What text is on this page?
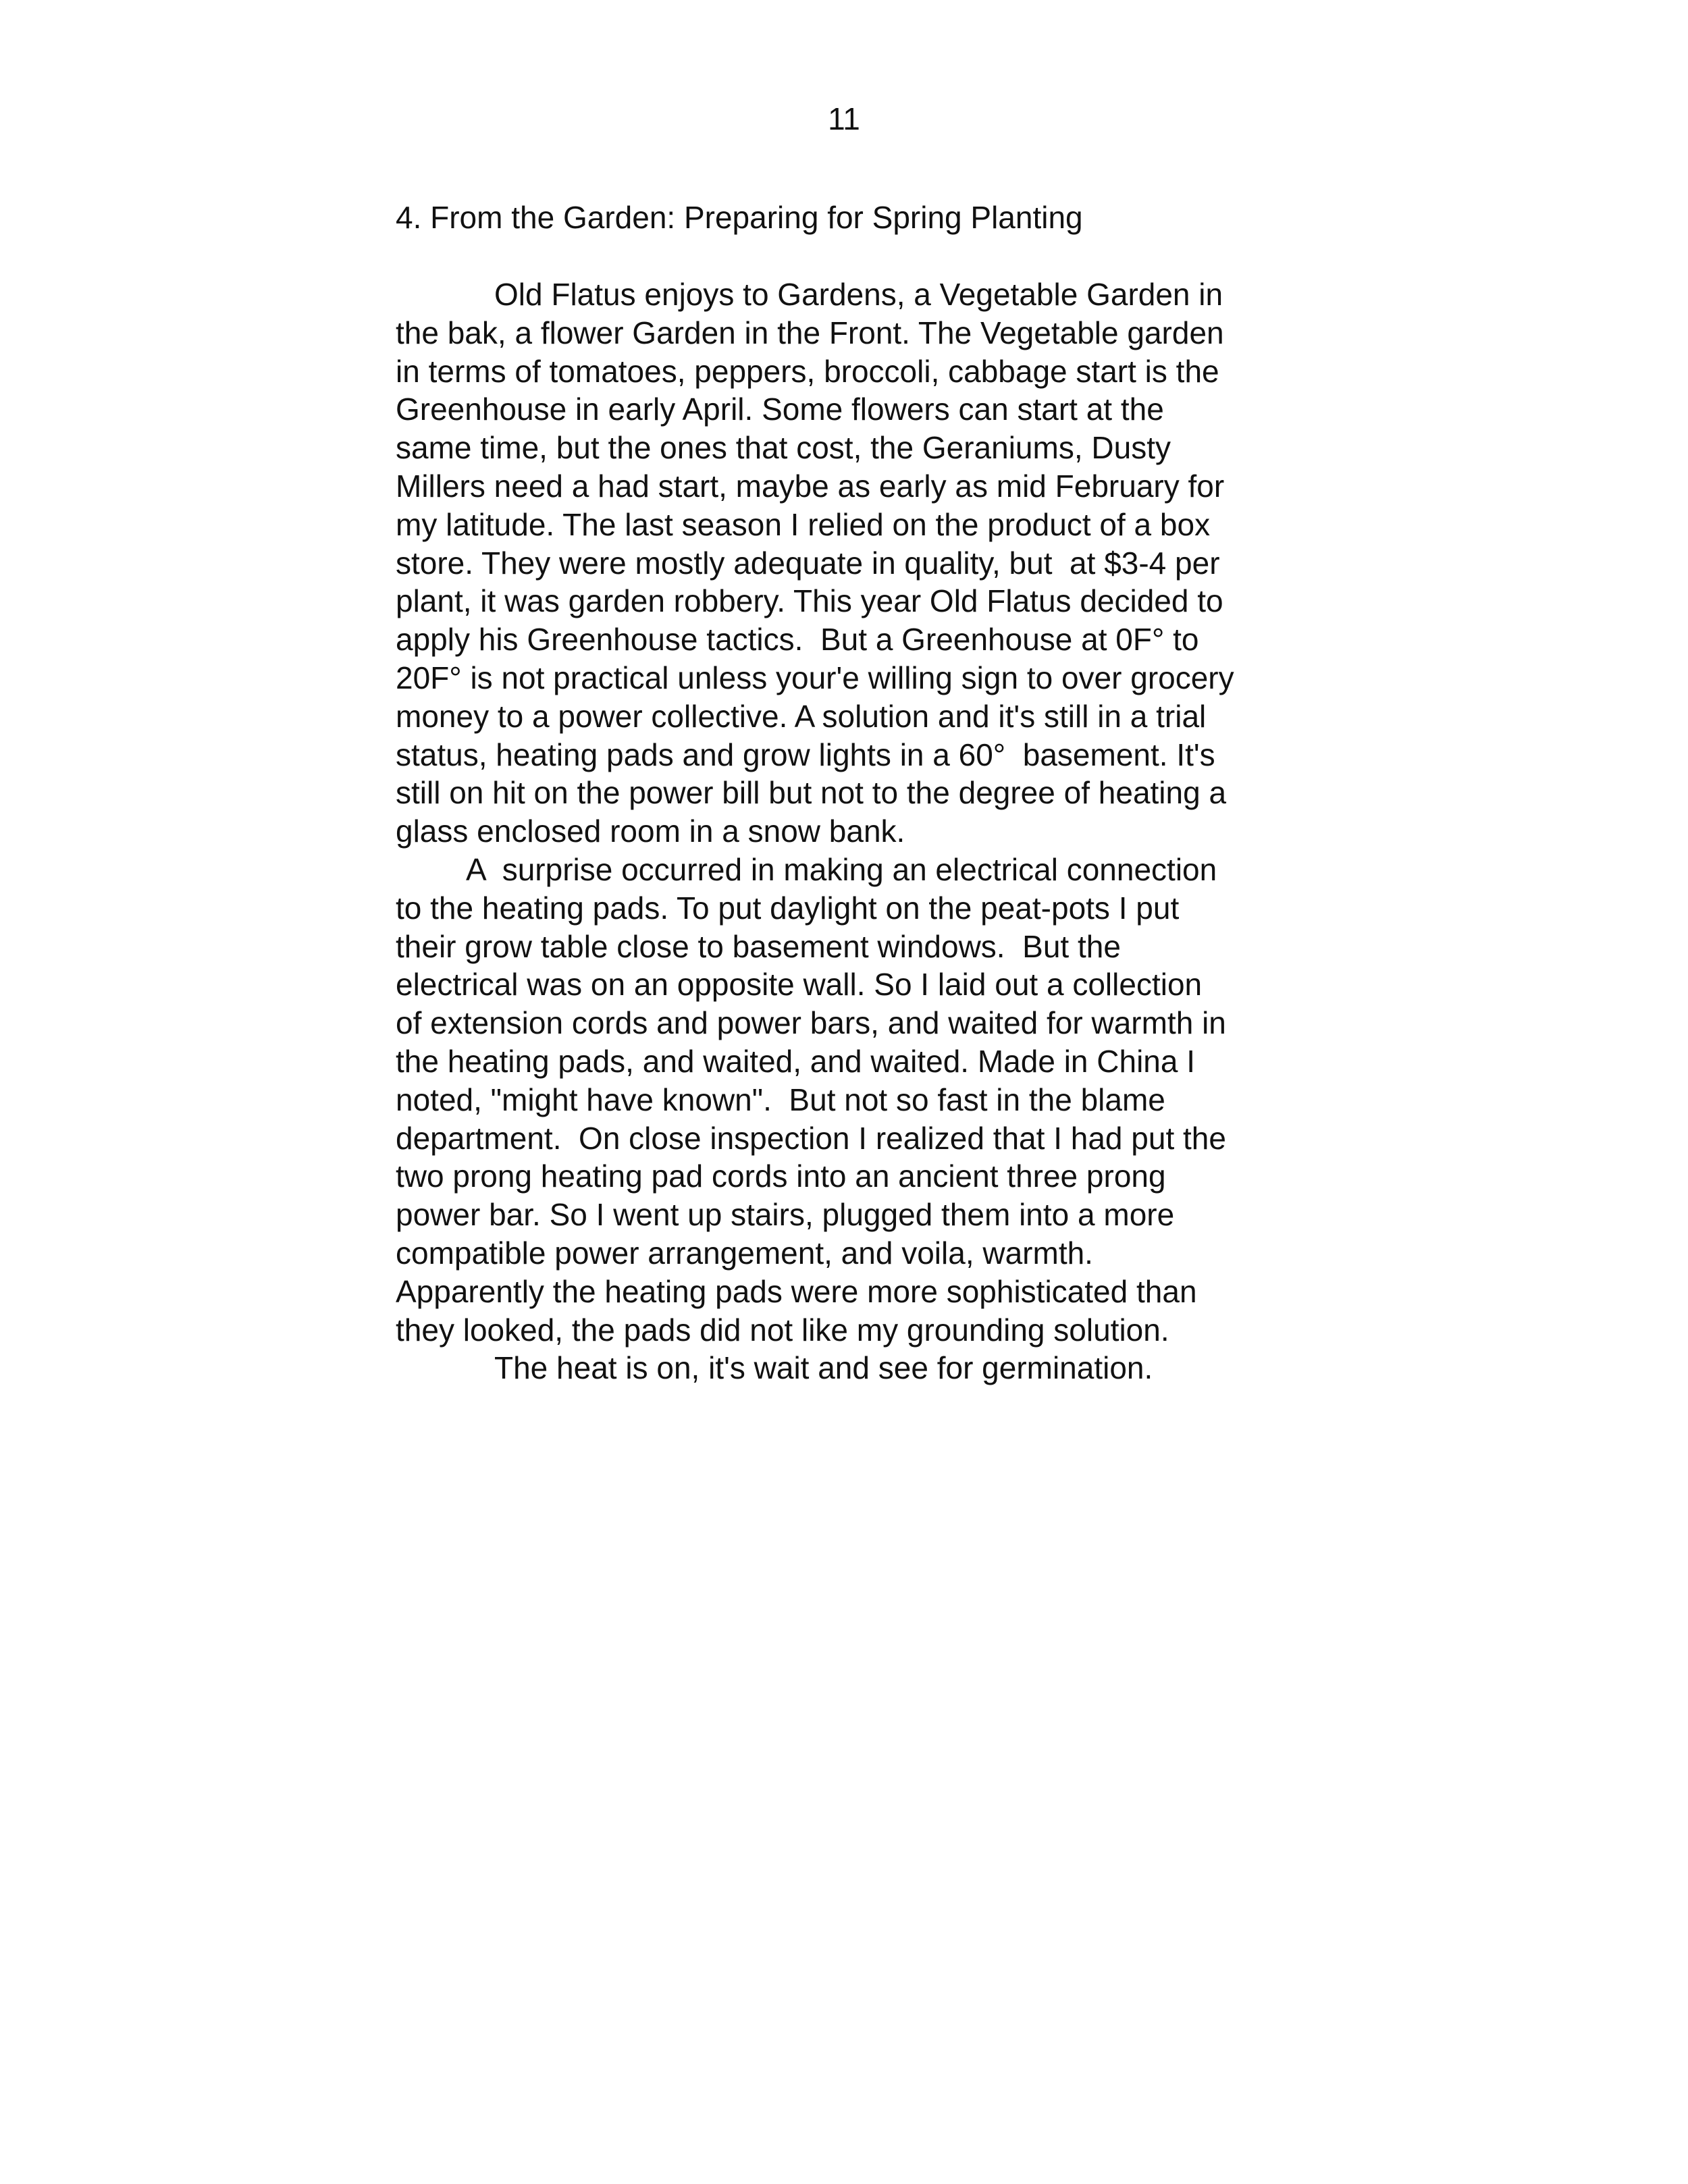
11
4. From the Garden: Preparing for Spring Planting
Old Flatus enjoys to Gardens, a Vegetable Garden in
the bak, a flower Garden in the Front. The Vegetable garden
in terms of tomatoes, peppers, broccoli, cabbage start is the
Greenhouse in early April. Some flowers can start at the
same time, but the ones that cost, the Geraniums, Dusty
Millers need a had start, maybe as early as mid February for
my latitude. The last season I relied on the product of a box
store. They were mostly adequate in quality, but  at $3-4 per
plant, it was garden robbery. This year Old Flatus decided to
apply his Greenhouse tactics.  But a Greenhouse at 0F° to
20F° is not practical unless your'e willing sign to over grocery
money to a power collective. A solution and it's still in a trial
status, heating pads and grow lights in a 60°  basement. It's
still on hit on the power bill but not to the degree of heating a
glass enclosed room in a snow bank.
A  surprise occurred in making an electrical connection
to the heating pads. To put daylight on the peat-pots I put
their grow table close to basement windows.  But the
electrical was on an opposite wall. So I laid out a collection
of extension cords and power bars, and waited for warmth in
the heating pads, and waited, and waited. Made in China I
noted, "might have known".  But not so fast in the blame
department.  On close inspection I realized that I had put the
two prong heating pad cords into an ancient three prong
power bar. So I went up stairs, plugged them into a more
compatible power arrangement, and voila, warmth.
Apparently the heating pads were more sophisticated than
they looked, the pads did not like my grounding solution.
The heat is on, it's wait and see for germination.
